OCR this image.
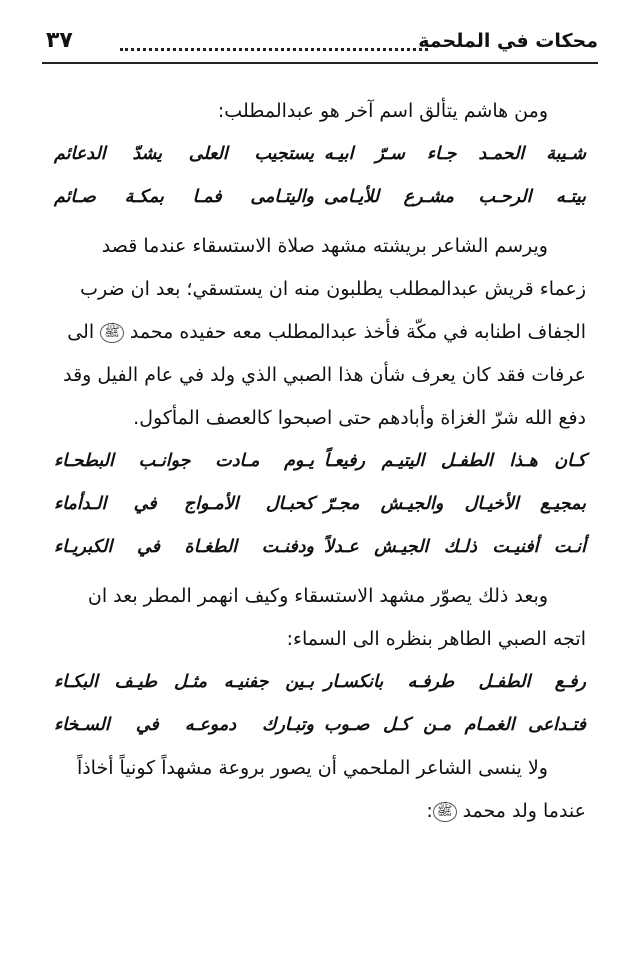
محكات في الملحمة
٣٧

ومن هاشم يتألق اسم آخر هو عبدالمطلب:

شـيبة الحمـد جـاء سـرّ ابيـه
يستجيب العلى يشدّ الدعائم
بيتـه الرحـب مشـرع للأيـامى
واليتـامى فمـا بمكـة صـائم

ويرسم الشاعر بريشته مشهد صلاة الاستسقاء عندما قصد

زعماء قريش عبدالمطلب يطلبون منه ان يستسقي؛ بعد ان ضرب

الجفاف اطنابه في مكّة فأخذ عبدالمطلب معه حفيده محمد ﷺ الى

عرفات فقد كان يعرف شأن هذا الصبي الذي ولد في عام الفيل وقد

دفع الله شرّ الغزاة وأبادهم حتى اصبحوا كالعصف المأكول.

كـان هـذا الطفـل اليتيـم رفيعـاً
يـوم مـادت جوانـب البطحـاء
بمجيـع الأخيـال والجيـش مجـرّ
كحبـال الأمـواج في الـدأماء
أنـت أفنيـت ذلـك الجيـش عـدلاً
ودفنـت الطغـاة في الكبريـاء

وبعد ذلك يصوّر مشهد الاستسقاء وكيف انهمر المطر بعد ان

اتجه الصبي الطاهر بنظره الى السماء:

رفـع الطفـل طرفـه بانكسـار
بـين جفنيـه مثـل طيـف البكـاء
فتـداعى الغمـام مـن كـل صـوب
وتبـارك دموعـه في السـخاء

ولا ينسى الشاعر الملحمي أن يصور بروعة مشهداً كونياً أخاذاً

عندما ولد محمد ﷺ:
